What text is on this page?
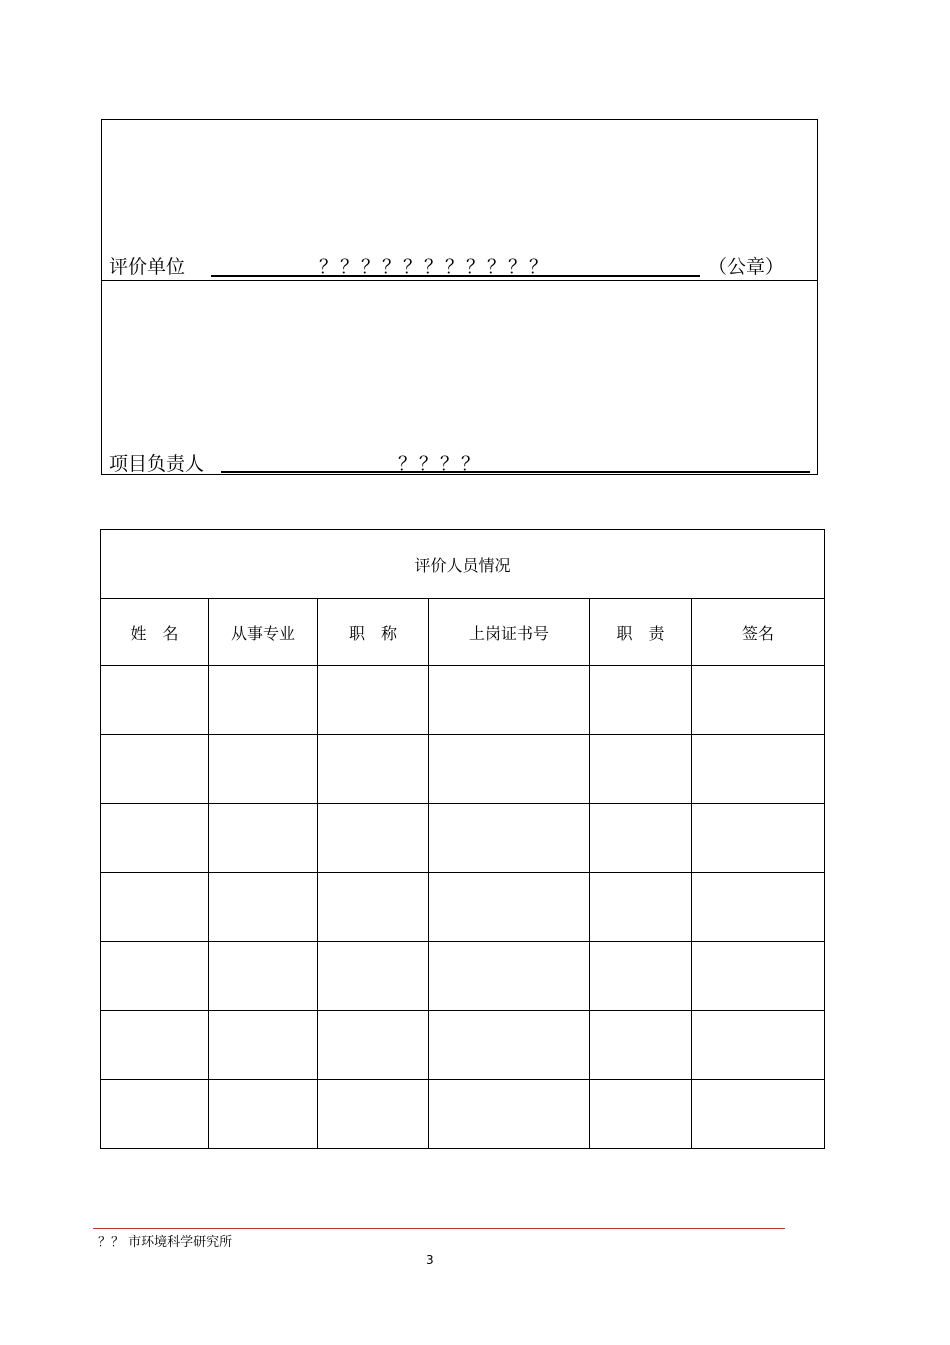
评价单位	？？？？？？？？？？？	（公章）
项目负责人	？？？？
评价人员情况					
姓　名	从事专业	职　称	上岗证书号	职　责	签名

？？ 市环境科学研究所
3
